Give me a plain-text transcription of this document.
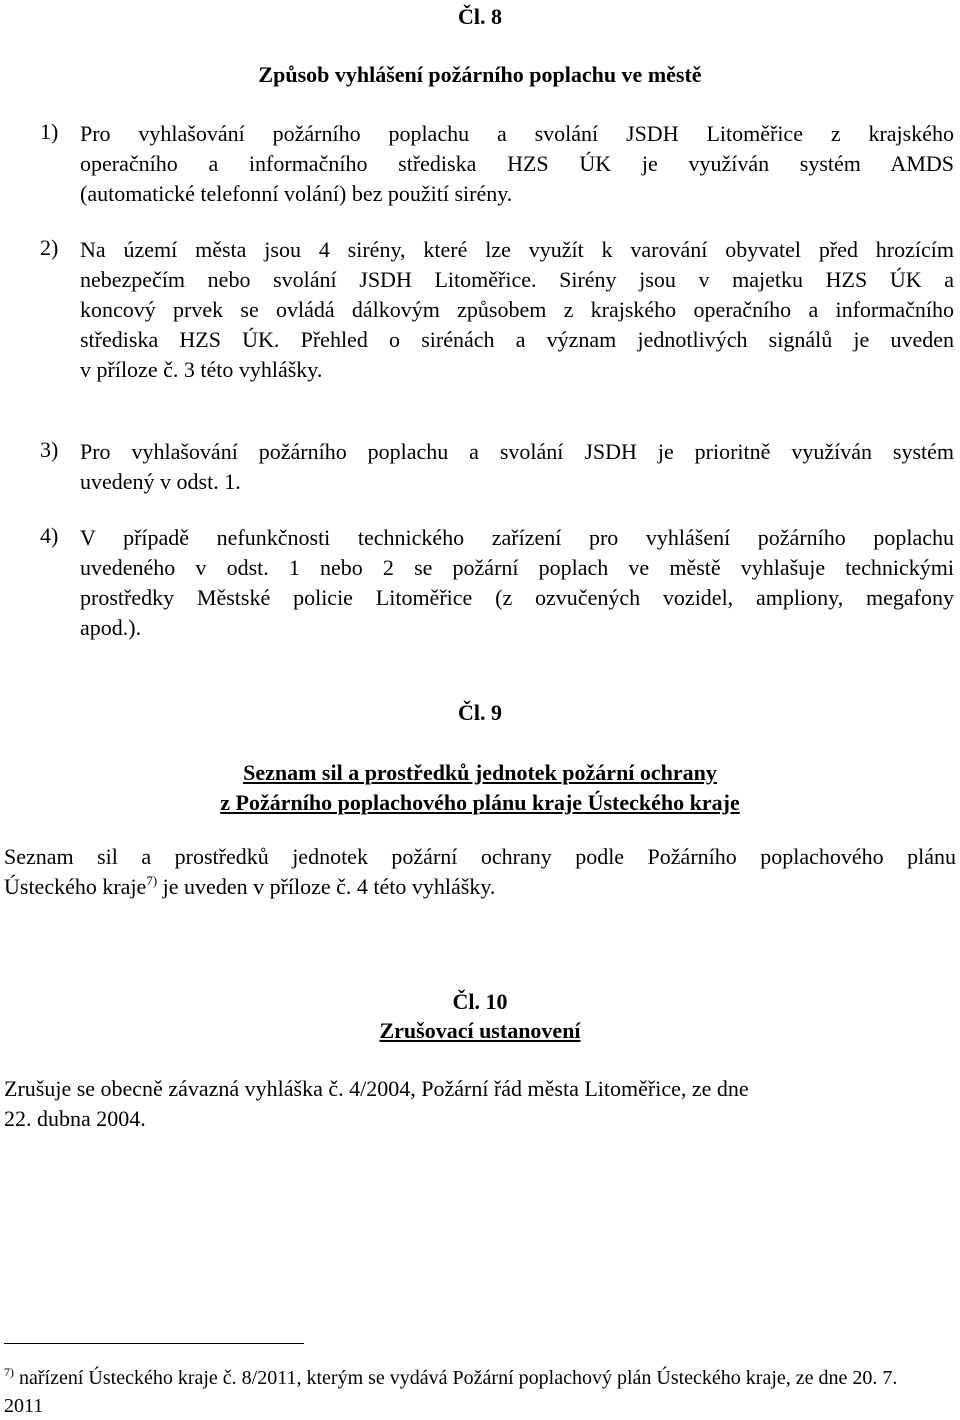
Čl. 8
Způsob vyhlášení požárního poplachu ve městě
1) Pro vyhlašování požárního poplachu a svolání JSDH Litoměřice z krajského
operačního a informačního střediska HZS ÚK je využíván systém AMDS
(automatické telefonní volání) bez použití sirény.
2) Na území města jsou 4 sirény, které lze využít k varování obyvatel před hrozícím
nebezpečím nebo svolání JSDH Litoměřice. Sirény jsou v majetku HZS ÚK a
koncový prvek se ovládá dálkovým způsobem z krajského operačního a informačního
střediska HZS ÚK. Přehled o sirénách a význam jednotlivých signálů je uveden
v příloze č. 3 této vyhlášky.
3) Pro vyhlašování požárního poplachu a svolání JSDH je prioritně využíván systém
uvedený v odst. 1.
4) V případě nefunkčnosti technického zařízení pro vyhlášení požárního poplachu
uvedeného v odst. 1 nebo 2 se požární poplach ve městě vyhlašuje technickými
prostředky Městské policie Litoměřice (z ozvučených vozidel, ampliony, megafony
apod.).
Čl. 9
Seznam sil a prostředků jednotek požární ochrany
z Požárního poplachového plánu kraje Ústeckého kraje
Seznam sil a prostředků jednotek požární ochrany podle Požárního poplachového plánu
Ústeckého kraje$^{7)}$ je uveden v příloze č. 4 této vyhlášky.
Čl. 10
Zrušovací ustanovení
Zrušuje se obecně závazná vyhláška č. 4/2004, Požární řád města Litoměřice, ze dne
22. dubna 2004.
$^{7)}$ nařízení Ústeckého kraje č. 8/2011, kterým se vydává Požární poplachový plán Ústeckého kraje, ze dne 20. 7.
2011
